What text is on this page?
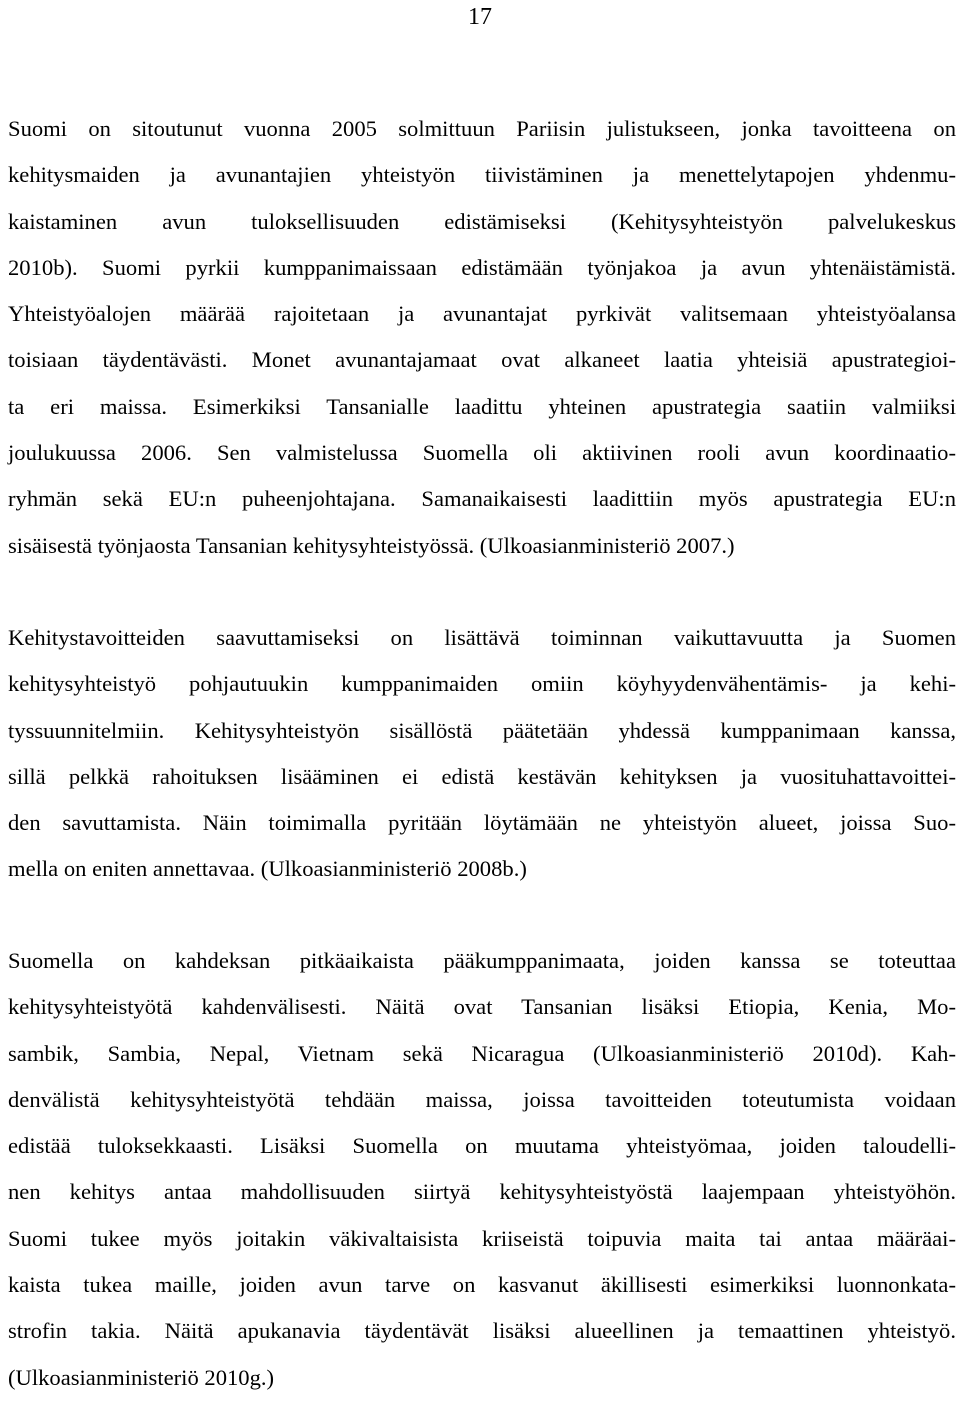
17
Suomi on sitoutunut vuonna 2005 solmittuun Pariisin julistukseen, jonka tavoitteena on
kehitysmaiden ja avunantajien yhteistyön tiivistäminen ja menettelytapojen yhdenmu-
kaistaminen avun tuloksellisuuden edistämiseksi (Kehitysyhteistyön palvelukeskus
2010b). Suomi pyrkii kumppanimaissaan edistämään työnjakoa ja avun yhtenäistämistä.
Yhteistyöalojen määrää rajoitetaan ja avunantajat pyrkivät valitsemaan yhteistyöalansa
toisiaan täydentävästi. Monet avunantajamaat ovat alkaneet laatia yhteisiä apustrategioi-
ta eri maissa. Esimerkiksi Tansanialle laadittu yhteinen apustrategia saatiin valmiiksi
joulukuussa 2006. Sen valmistelussa Suomella oli aktiivinen rooli avun koordinaatio-
ryhmän sekä EU:n puheenjohtajana. Samanaikaisesti laadittiin myös apustrategia EU:n
sisäisestä työnjaosta Tansanian kehitysyhteistyössä. (Ulkoasianministeriö 2007.)
Kehitystavoitteiden saavuttamiseksi on lisättävä toiminnan vaikuttavuutta ja Suomen
kehitysyhteistyö pohjautuukin kumppanimaiden omiin köyhyydenvähentämis- ja kehi-
tyssuunnitelmiin. Kehitysyhteistyön sisällöstä päätetään yhdessä kumppanimaan kanssa,
sillä pelkkä rahoituksen lisääminen ei edistä kestävän kehityksen ja vuosituhattavoittei-
den savuttamista. Näin toimimalla pyritään löytämään ne yhteistyön alueet, joissa Suo-
mella on eniten annettavaa. (Ulkoasianministeriö 2008b.)
Suomella on kahdeksan pitkäaikaista pääkumppanimaata, joiden kanssa se toteuttaa
kehitysyhteistyötä kahdenvälisesti. Näitä ovat Tansanian lisäksi Etiopia, Kenia, Mo-
sambik, Sambia, Nepal, Vietnam sekä Nicaragua (Ulkoasianministeriö 2010d). Kah-
denvälistä kehitysyhteistyötä tehdään maissa, joissa tavoitteiden toteutumista voidaan
edistää tuloksekkaasti. Lisäksi Suomella on muutama yhteistyömaa, joiden taloudelli-
nen kehitys antaa mahdollisuuden siirtyä kehitysyhteistyöstä laajempaan yhteistyöhön.
Suomi tukee myös joitakin väkivaltaisista kriiseistä toipuvia maita tai antaa määräai-
kaista tukea maille, joiden avun tarve on kasvanut äkillisesti esimerkiksi luonnonkata-
strofin takia. Näitä apukanavia täydentävät lisäksi alueellinen ja temaattinen yhteistyö.
(Ulkoasianministeriö 2010g.)
